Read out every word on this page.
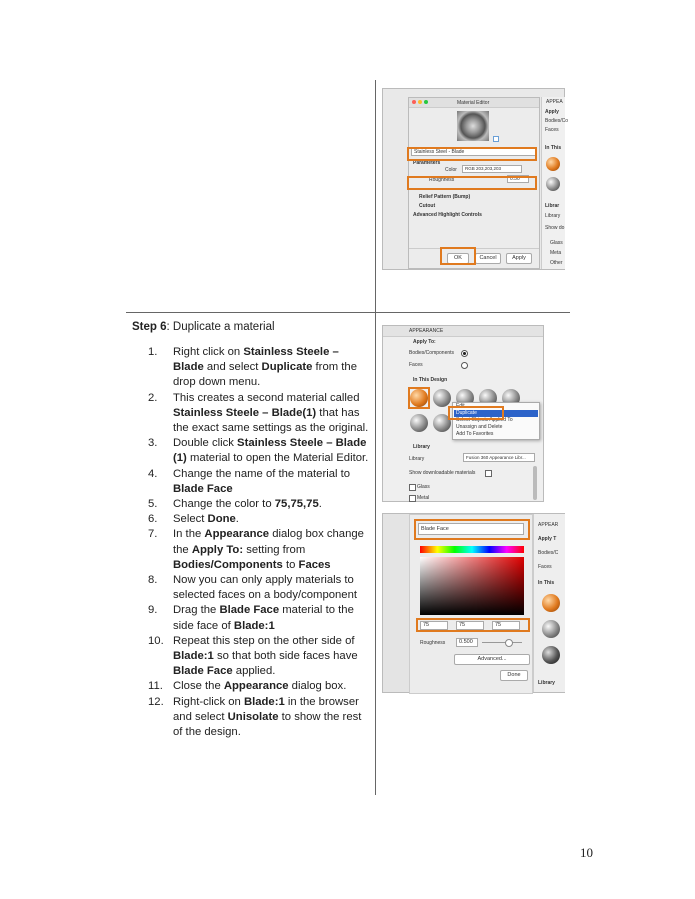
Material Editor
Stainless Steel - Blade
Parameters
Color	RGB 203,203,203
Roughness	0.50
Relief Pattern (Bump)
Cutout
Advanced Highlight Controls
OK	Cancel	Apply
APPEA
Apply
Bodies/Co
Faces
In This
Librar
Library
Show do
Glass
Meta
Other
APPEARANCE
Apply To:
Bodies/Components
Faces
In This Design
Edit
Duplicate
Select Objects Applied To
Unassign and Delete
Add To Favorites
Library
Library	Fusion 360 Appearance Libr...
Show downloadable materials
Glass
Metal
Blade Face
75	75	75
Roughness	0.500
Advanced...
Done
APPEAR
Apply T
Bodies/C
Faces
In This
Library
Step 6: Duplicate a material
1.	Right click on Stainless Steele – Blade and select Duplicate from the drop down menu.
2.	This creates a second material called Stainless Steele – Blade(1) that has the exact same settings as the original.
3.	Double click Stainless Steele – Blade (1) material to open the Material Editor.
4.	Change the name of the material to Blade Face
5.	Change the color to 75,75,75.
6.	Select Done.
7.	In the Appearance dialog box change the Apply To: setting from Bodies/Components to Faces
8.	Now you can only apply materials to selected faces on a body/component
9.	Drag the Blade Face material to the side face of Blade:1
10. Repeat this step on the other side of Blade:1 so that both side faces have Blade Face applied.
11. Close the Appearance dialog box.
12. Right-click on Blade:1 in the browser and select Unisolate to show the rest of the design.
10
